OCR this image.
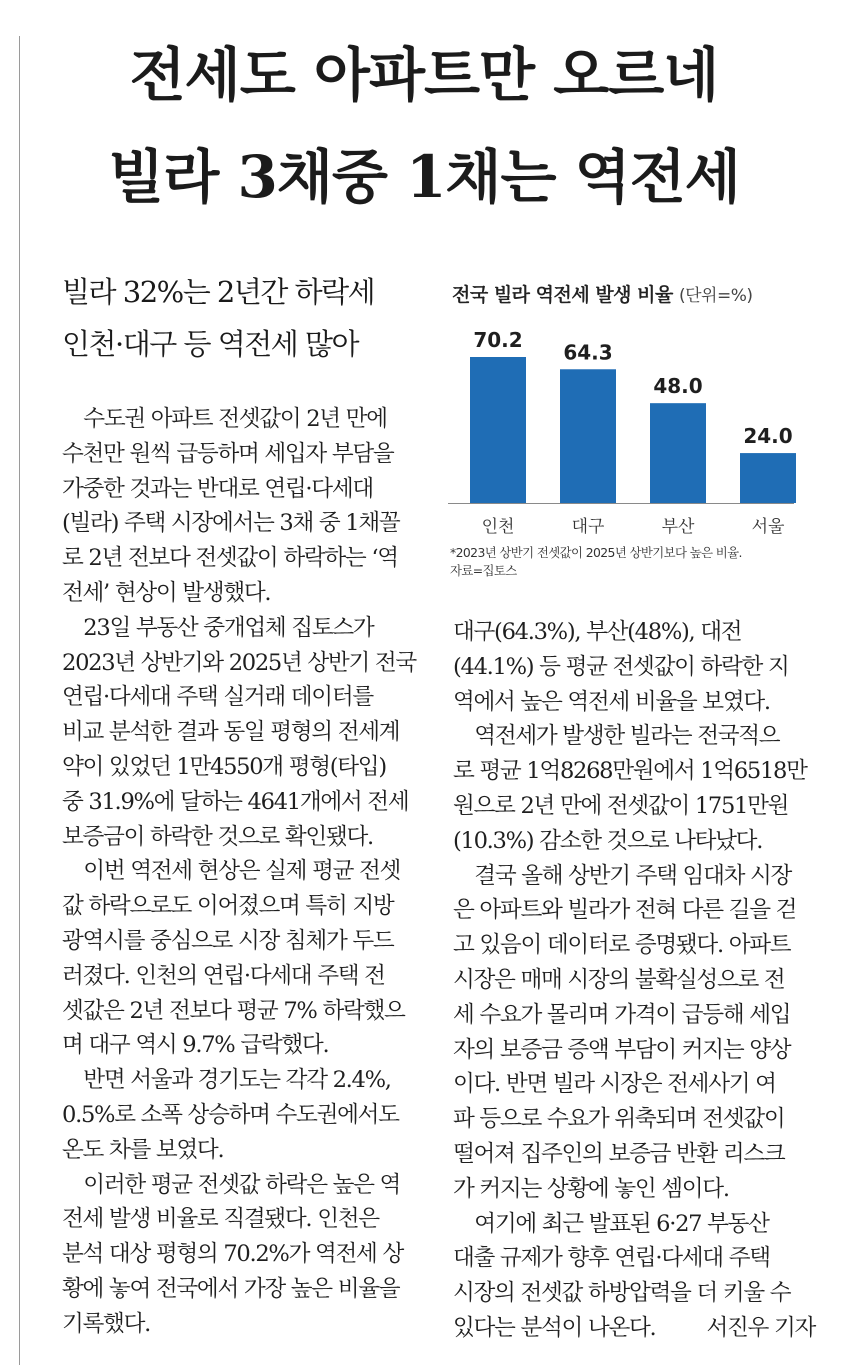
전세도 아파트만 오르네
빌라 3채중 1채는 역전세
빌라 32%는 2년간 하락세
인천·대구 등 역전세 많아
　수도권 아파트 전셋값이 2년 만에
수천만 원씩 급등하며 세입자 부담을
가중한 것과는 반대로 연립·다세대
(빌라) 주택 시장에서는 3채 중 1채꼴
로 2년 전보다 전셋값이 하락하는 ‘역
전세’ 현상이 발생했다.
　23일 부동산 중개업체 집토스가
2023년 상반기와 2025년 상반기 전국
연립·다세대 주택 실거래 데이터를
비교 분석한 결과 동일 평형의 전세계
약이 있었던 1만4550개 평형(타입)
중 31.9%에 달하는 4641개에서 전세
보증금이 하락한 것으로 확인됐다.
　이번 역전세 현상은 실제 평균 전셋
값 하락으로도 이어졌으며 특히 지방
광역시를 중심으로 시장 침체가 두드
러졌다. 인천의 연립·다세대 주택 전
셋값은 2년 전보다 평균 7% 하락했으
며 대구 역시 9.7% 급락했다.
　반면 서울과 경기도는 각각 2.4%,
0.5%로 소폭 상승하며 수도권에서도
온도 차를 보였다.
　이러한 평균 전셋값 하락은 높은 역
전세 발생 비율로 직결됐다. 인천은
분석 대상 평형의 70.2%가 역전세 상
황에 놓여 전국에서 가장 높은 비율을
기록했다.
대구(64.3%), 부산(48%), 대전
(44.1%) 등 평균 전셋값이 하락한 지
역에서 높은 역전세 비율을 보였다.
　역전세가 발생한 빌라는 전국적으
로 평균 1억8268만원에서 1억6518만
원으로 2년 만에 전셋값이 1751만원
(10.3%) 감소한 것으로 나타났다.
　결국 올해 상반기 주택 임대차 시장
은 아파트와 빌라가 전혀 다른 길을 걷
고 있음이 데이터로 증명됐다. 아파트
시장은 매매 시장의 불확실성으로 전
세 수요가 몰리며 가격이 급등해 세입
자의 보증금 증액 부담이 커지는 양상
이다. 반면 빌라 시장은 전세사기 여
파 등으로 수요가 위축되며 전셋값이
떨어져 집주인의 보증금 반환 리스크
가 커지는 상황에 놓인 셈이다.
　여기에 최근 발표된 6·27 부동산
대출 규제가 향후 연립·다세대 주택
시장의 전셋값 하방압력을 더 키울 수
있다는 분석이 나온다. 서진우 기자
70.2
인천
64.3
대구
48.0
부산
24.0
서울
전국 빌라 역전세 발생 비율 (단위=%)
*2023년 상반기 전셋값이 2025년 상반기보다 높은 비율.
자료=집토스
